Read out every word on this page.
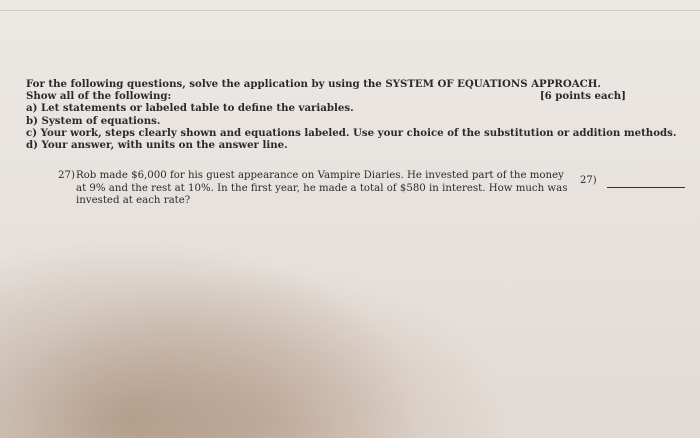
For the following questions, solve the application by using the SYSTEM OF EQUATIONS APPROACH.
Show all of the following:	[6 points each]
a) Let statements or labeled table to define the variables.
b) System of equations.
c) Your work, steps clearly shown and equations labeled. Use your choice of the substitution or addition methods.
d) Your answer, with units on the answer line.
27) Rob made $6,000 for his guest appearance on Vampire Diaries. He invested part of the money
at 9% and the rest at 10%. In the first year, he made a total of $580 in interest. How much was
invested at each rate?
27)
